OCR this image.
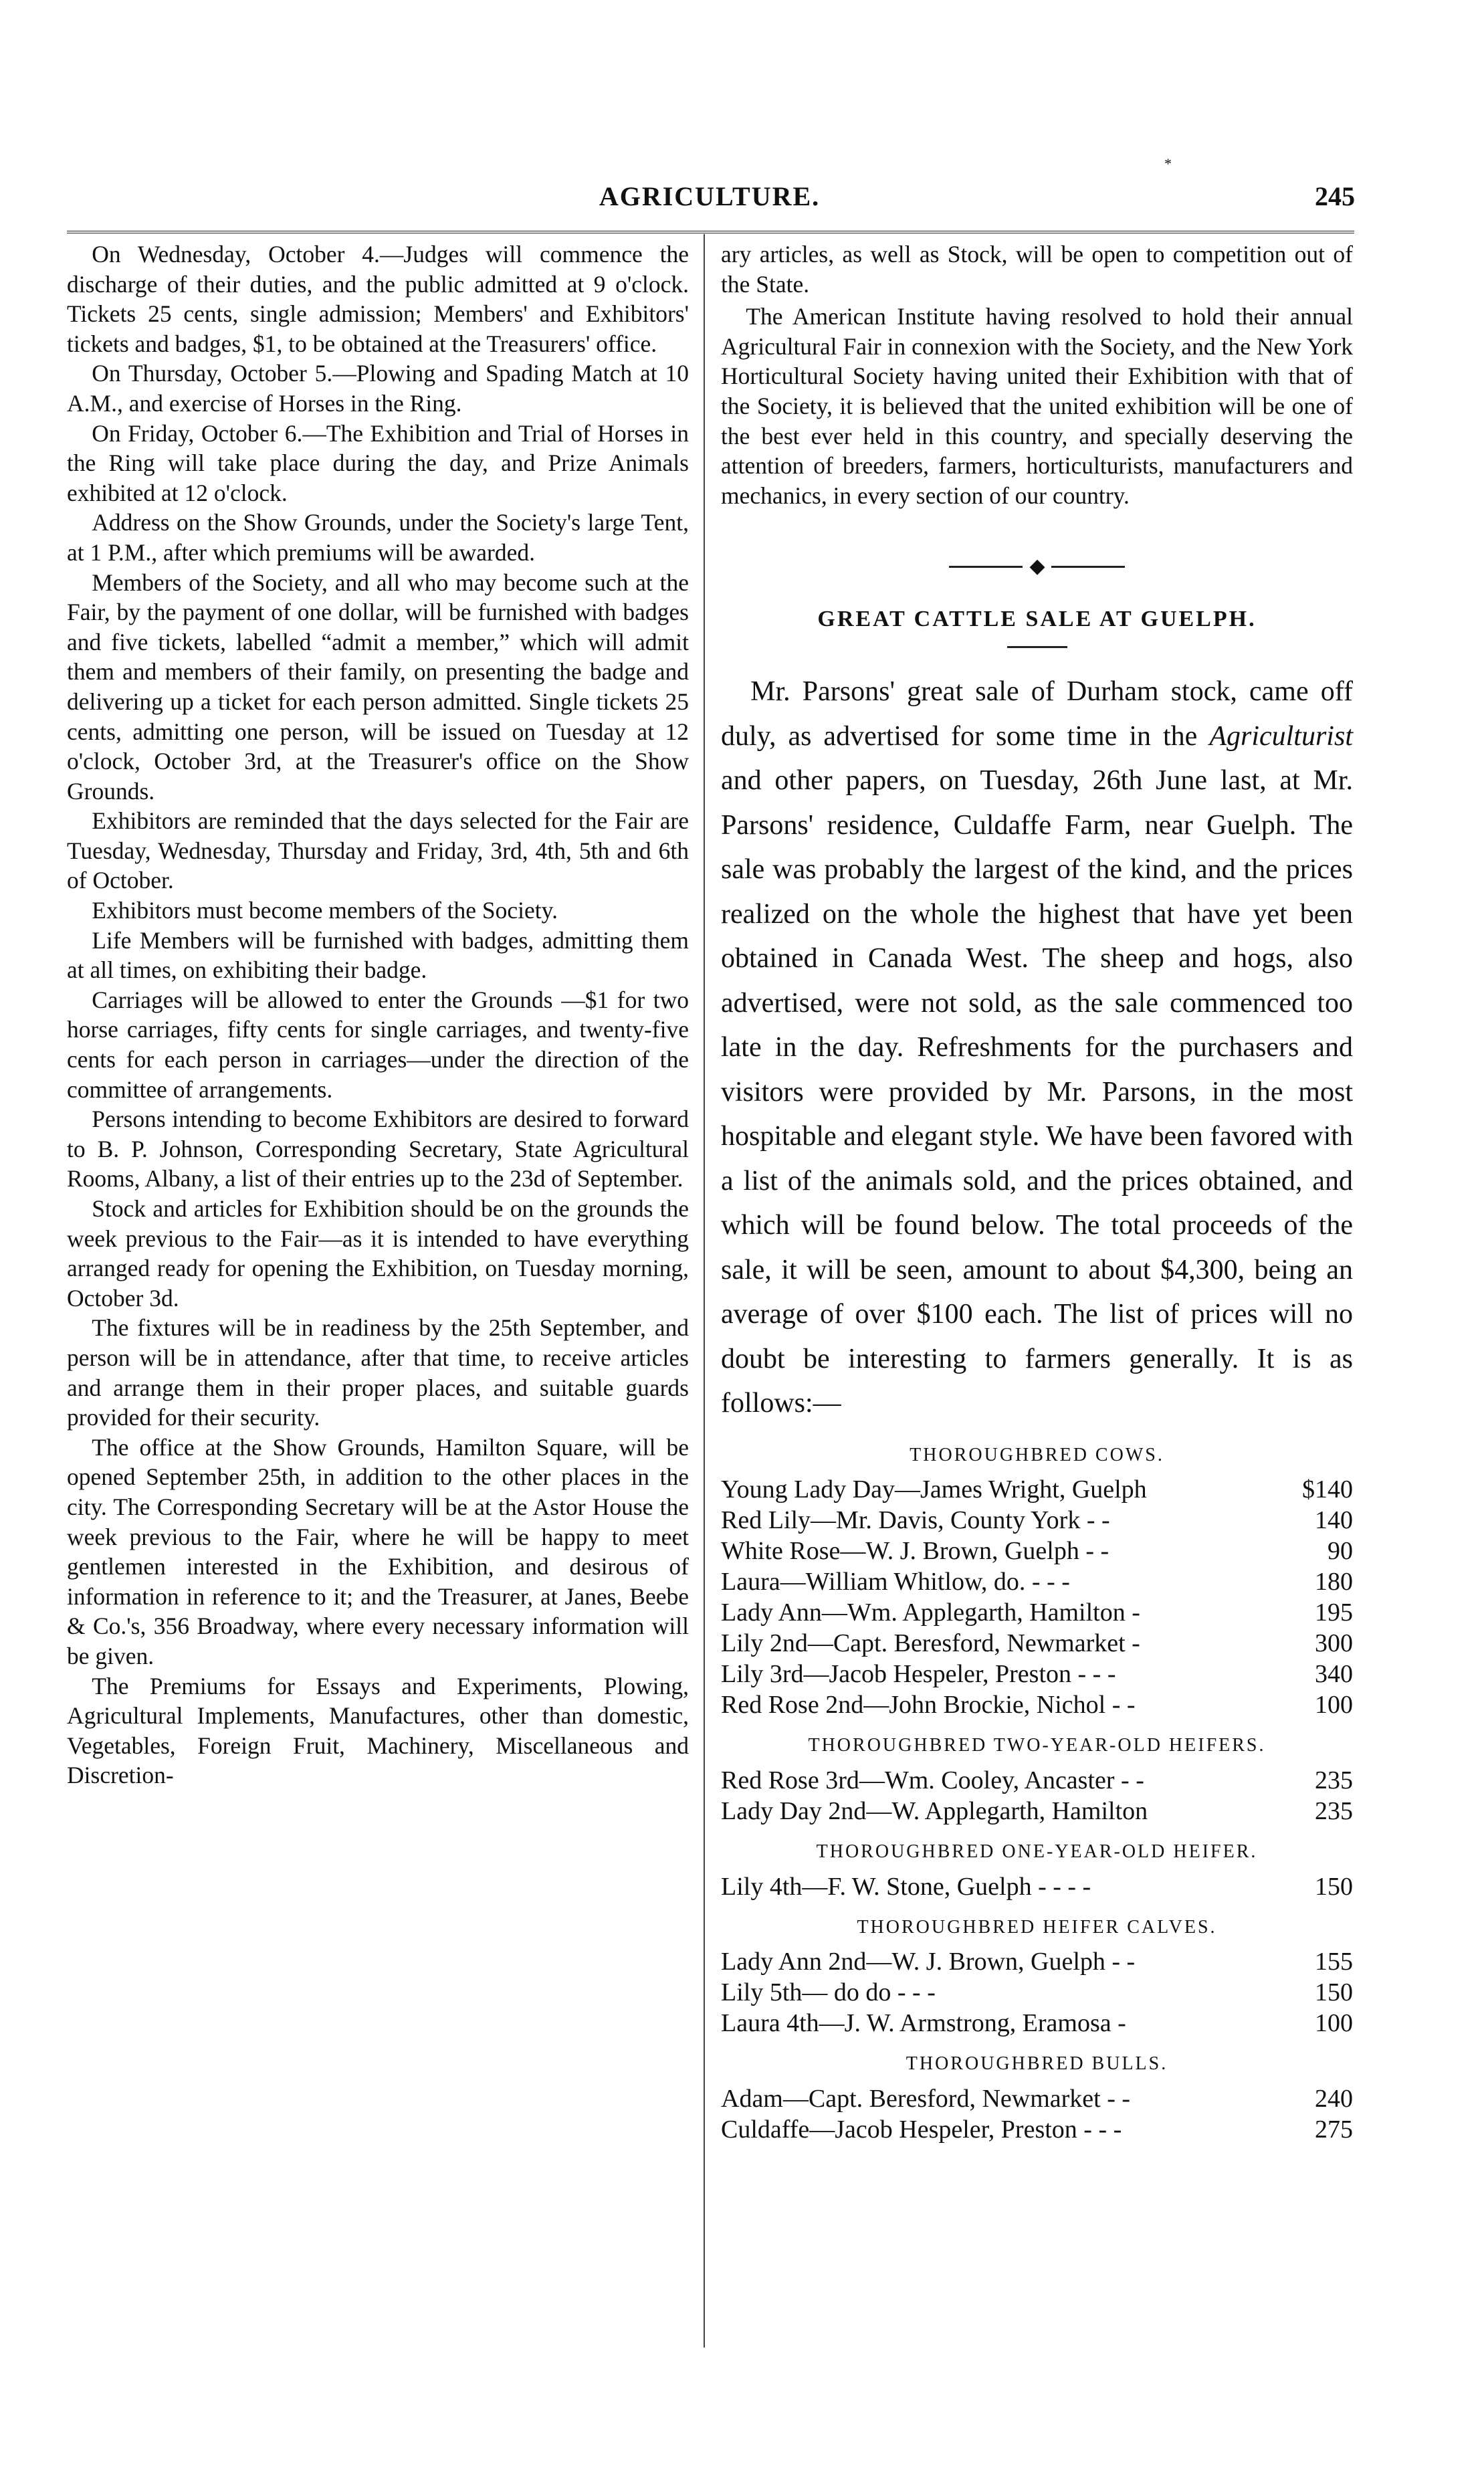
*
AGRICULTURE.	245

On Wednesday, October 4.—Judges will commence the discharge of their duties, and the public admitted at 9 o'clock. Tickets 25 cents, single admission; Members' and Exhibitors' tickets and badges, $1, to be obtained at the Treasurers' office.

On Thursday, October 5.—Plowing and Spading Match at 10 A.M., and exercise of Horses in the Ring.

On Friday, October 6.—The Exhibition and Trial of Horses in the Ring will take place during the day, and Prize Animals exhibited at 12 o'clock.

Address on the Show Grounds, under the Society's large Tent, at 1 P.M., after which premiums will be awarded.

Members of the Society, and all who may become such at the Fair, by the payment of one dollar, will be furnished with badges and five tickets, labelled “admit a member,” which will admit them and members of their family, on presenting the badge and delivering up a ticket for each person admitted. Single tickets 25 cents, admitting one person, will be issued on Tuesday at 12 o'clock, October 3rd, at the Treasurer's office on the Show Grounds.

Exhibitors are reminded that the days selected for the Fair are Tuesday, Wednesday, Thursday and Friday, 3rd, 4th, 5th and 6th of October.

Exhibitors must become members of the Society.

Life Members will be furnished with badges, admitting them at all times, on exhibiting their badge.

Carriages will be allowed to enter the Grounds —$1 for two horse carriages, fifty cents for single carriages, and twenty-five cents for each person in carriages—under the direction of the committee of arrangements.

Persons intending to become Exhibitors are desired to forward to B. P. Johnson, Corresponding Secretary, State Agricultural Rooms, Albany, a list of their entries up to the 23d of September.

Stock and articles for Exhibition should be on the grounds the week previous to the Fair—as it is intended to have everything arranged ready for opening the Exhibition, on Tuesday morning, October 3d.

The fixtures will be in readiness by the 25th September, and person will be in attendance, after that time, to receive articles and arrange them in their proper places, and suitable guards provided for their security.

The office at the Show Grounds, Hamilton Square, will be opened September 25th, in addition to the other places in the city. The Corresponding Secretary will be at the Astor House the week previous to the Fair, where he will be happy to meet gentlemen interested in the Exhibition, and desirous of information in reference to it; and the Treasurer, at Janes, Beebe & Co.'s, 356 Broadway, where every necessary information will be given.

The Premiums for Essays and Experiments, Plowing, Agricultural Implements, Manufactures, other than domestic, Vegetables, Foreign Fruit, Machinery, Miscellaneous and Discretion-

ary articles, as well as Stock, will be open to competition out of the State.

The American Institute having resolved to hold their annual Agricultural Fair in connexion with the Society, and the New York Horticultural Society having united their Exhibition with that of the Society, it is believed that the united exhibition will be one of the best ever held in this country, and specially deserving the attention of breeders, farmers, horticulturists, manufacturers and mechanics, in every section of our country.

◆
GREAT CATTLE SALE AT GUELPH.

Mr. Parsons' great sale of Durham stock, came off duly, as advertised for some time in the Agriculturist and other papers, on Tuesday, 26th June last, at Mr. Parsons' residence, Culdaffe Farm, near Guelph. The sale was probably the largest of the kind, and the prices realized on the whole the highest that have yet been obtained in Canada West. The sheep and hogs, also advertised, were not sold, as the sale commenced too late in the day. Refreshments for the purchasers and visitors were provided by Mr. Parsons, in the most hospitable and elegant style. We have been favored with a list of the animals sold, and the prices obtained, and which will be found below. The total proceeds of the sale, it will be seen, amount to about $4,300, being an average of over $100 each. The list of prices will no doubt be interesting to farmers generally. It is as follows:—

THOROUGHBRED COWS.
Young Lady Day—James Wright, Guelph	$140
Red Lily—Mr. Davis, County York - -	140
White Rose—W. J. Brown, Guelph - -	90
Laura—William Whitlow, do. - - -	180
Lady Ann—Wm. Applegarth, Hamilton -	195
Lily 2nd—Capt. Beresford, Newmarket -	300
Lily 3rd—Jacob Hespeler, Preston - - -	340
Red Rose 2nd—John Brockie, Nichol - -	100
THOROUGHBRED TWO-YEAR-OLD HEIFERS.
Red Rose 3rd—Wm. Cooley, Ancaster - -	235
Lady Day 2nd—W. Applegarth, Hamilton	235
THOROUGHBRED ONE-YEAR-OLD HEIFER.
Lily 4th—F. W. Stone, Guelph - - - -	150
THOROUGHBRED HEIFER CALVES.
Lady Ann 2nd—W. J. Brown, Guelph - -	155
Lily 5th— do do - - -	150
Laura 4th—J. W. Armstrong, Eramosa -	100
THOROUGHBRED BULLS.
Adam—Capt. Beresford, Newmarket - -	240
Culdaffe—Jacob Hespeler, Preston - - -	275
